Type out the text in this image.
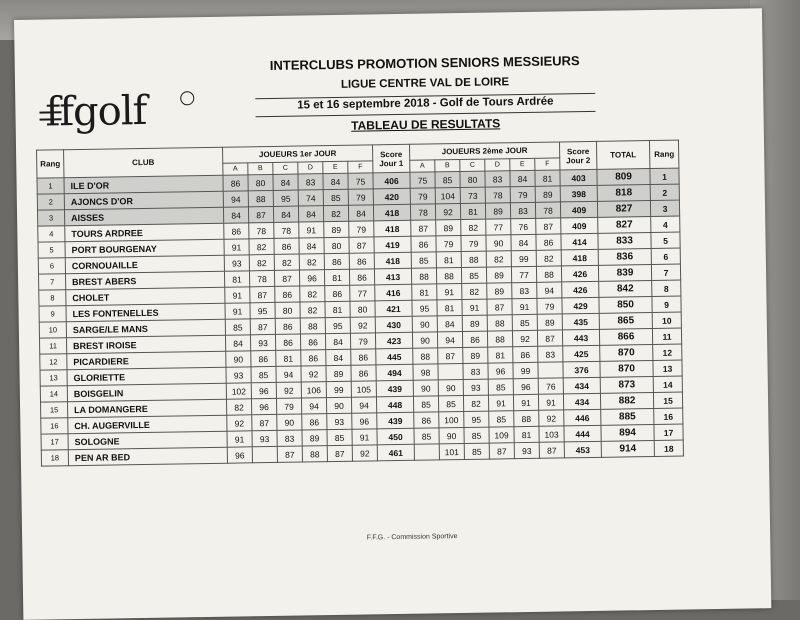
INTERCLUBS PROMOTION SENIORS MESSIEURS
LIGUE CENTRE VAL DE LOIRE
15 et 16 septembre 2018 - Golf de Tours Ardrée
TABLEAU DE RESULTATS
ffgolf
Rang	CLUB	JOUEURS 1er JOUR						Score Jour 1	JOUEURS 2ème JOUR						Score Jour 2	TOTAL	Rang
		A	B	C	D	E	F		A	B	C	D	E	F			
1	ILE D'OR	86	80	84	83	84	75	406	75	85	80	83	84	81	403	809	1
2	AJONCS D'OR	94	88	95	74	85	79	420	79	104	73	78	79	89	398	818	2
3	AISSES	84	87	84	84	82	84	418	78	92	81	89	83	78	409	827	3
4	TOURS ARDREE	86	78	78	91	89	79	418	87	89	82	77	76	87	409	827	4
5	PORT BOURGENAY	91	82	86	84	80	87	419	86	79	79	90	84	86	414	833	5
6	CORNOUAILLE	93	82	82	82	86	86	418	85	81	88	82	99	82	418	836	6
7	BREST ABERS	81	78	87	96	81	86	413	88	88	85	89	77	88	426	839	7
8	CHOLET	91	87	86	82	86	77	416	81	91	82	89	83	94	426	842	8
9	LES FONTENELLES	91	95	80	82	81	80	421	95	81	91	87	91	79	429	850	9
10	SARGE/LE MANS	85	87	86	88	95	92	430	90	84	89	88	85	89	435	865	10
11	BREST IROISE	84	93	86	86	84	79	423	90	94	86	88	92	87	443	866	11
12	PICARDIERE	90	86	81	86	84	86	445	88	87	89	81	86	83	425	870	12
13	GLORIETTE	93	85	94	92	89	86	494	98		83	96	99		376	870	13
14	BOISGELIN	102	96	92	106	99	105	439	90	90	93	85	96	76	434	873	14
15	LA DOMANGERE	82	96	79	94	90	94	448	85	85	82	91	91	91	434	882	15
16	CH. AUGERVILLE	92	87	90	86	93	96	439	86	100	95	85	88	92	446	885	16
17	SOLOGNE	91	93	83	89	85	91	450	85	90	85	109	81	103	444	894	17
18	PEN AR BED	96		87	88	87	92	461		101	85	87	93	87	453	914	18
F.F.G. - Commission Sportive
